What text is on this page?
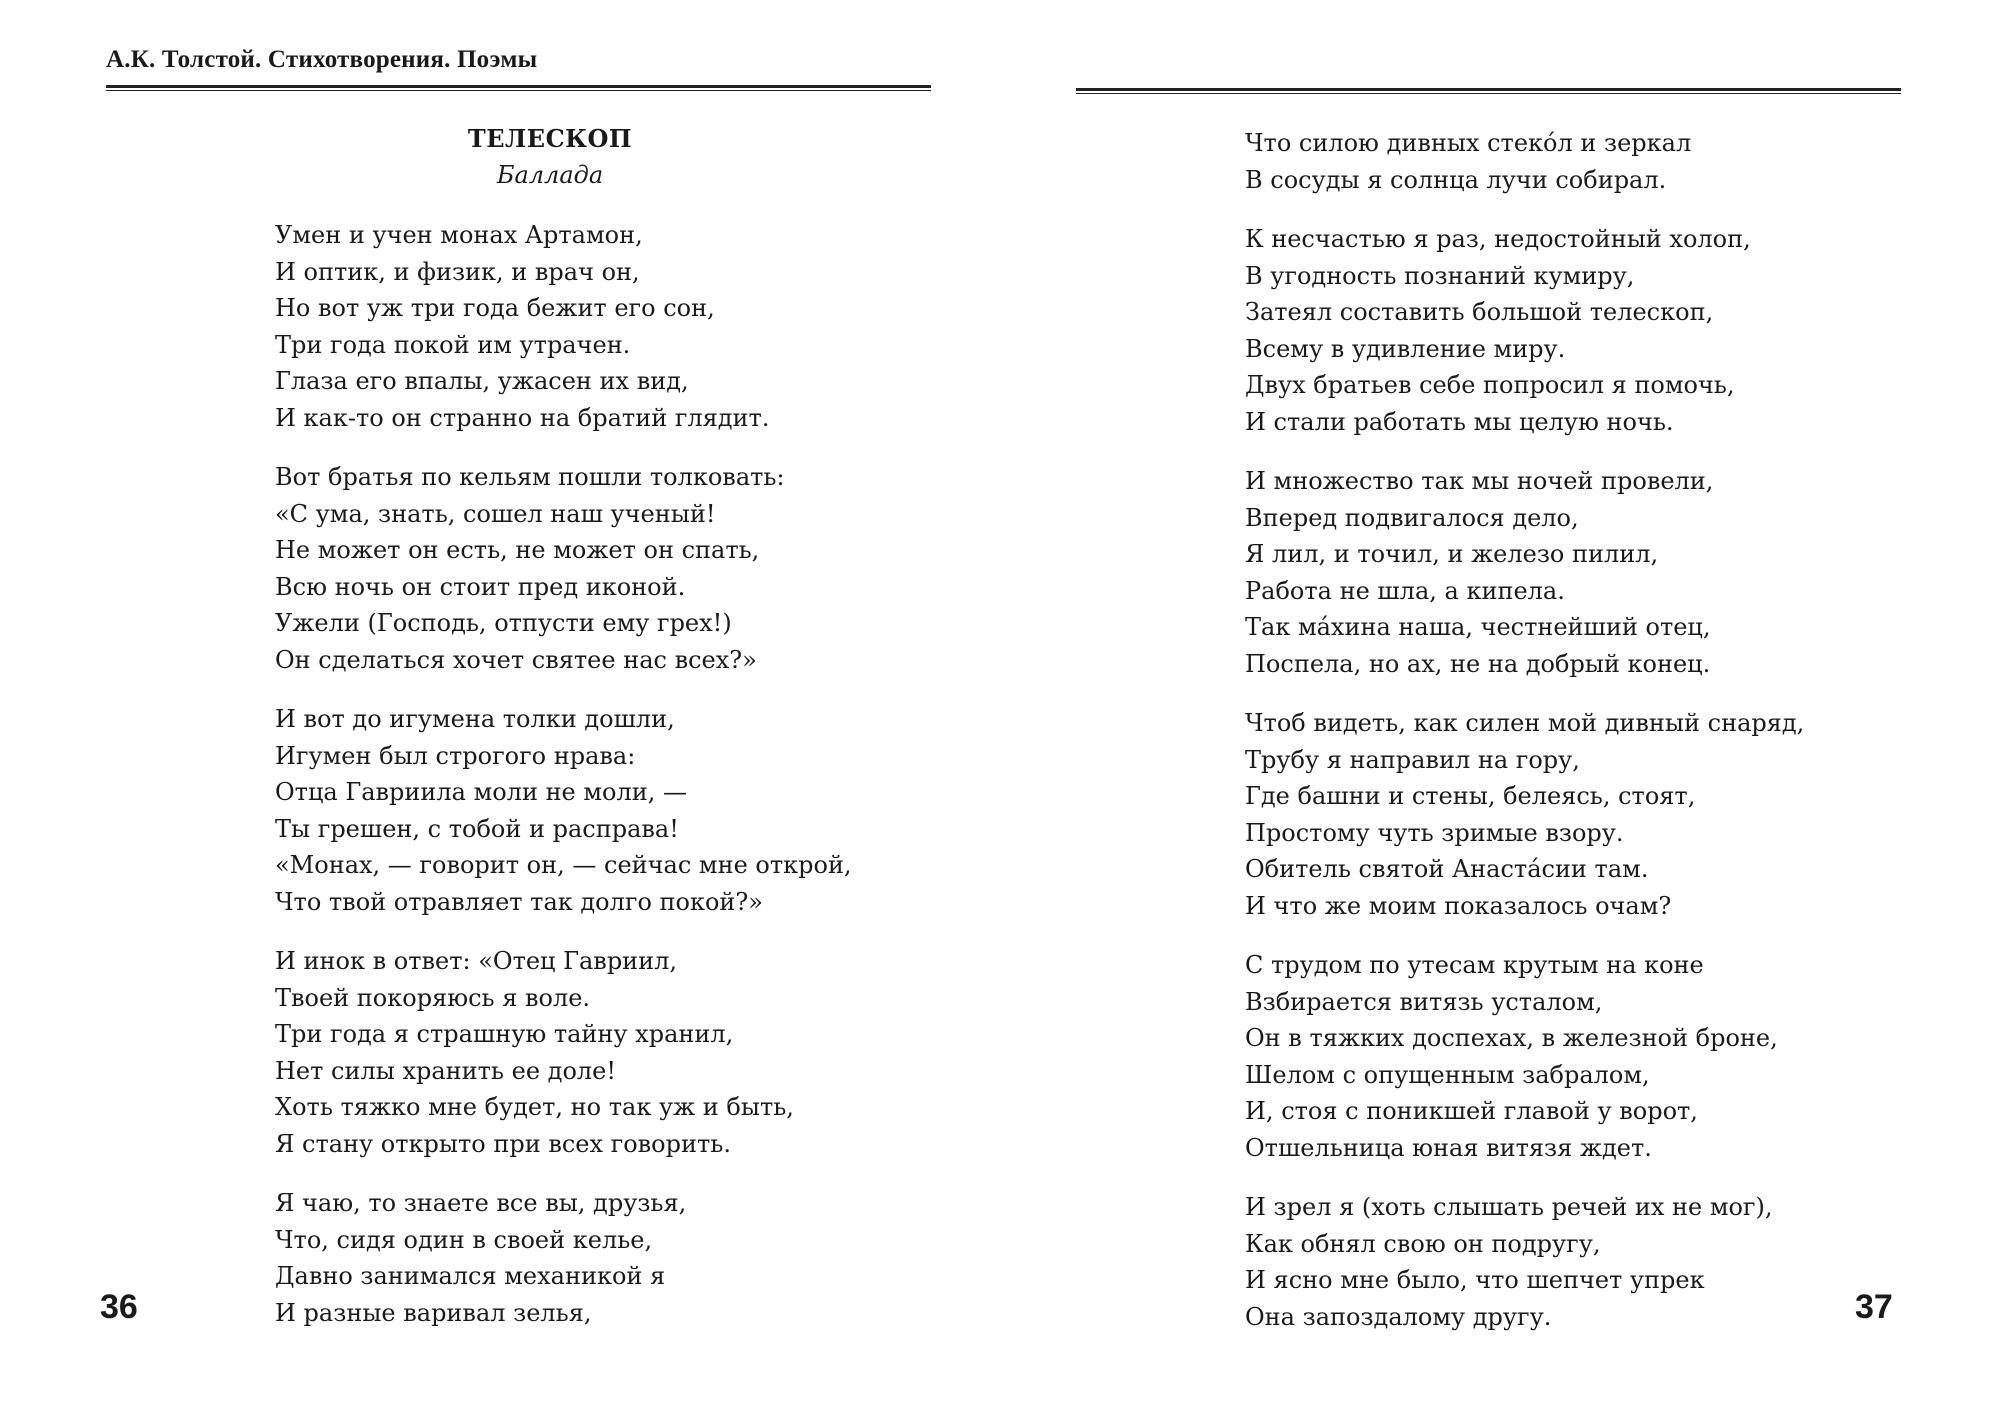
А.К. Толстой. Стихотворения. Поэмы
ТЕЛЕСКОП
Баллада
Умен и учен монах Артамон,
И оптик, и физик, и врач он,
Но вот уж три года бежит его сон,
Три года покой им утрачен.
Глаза его впалы, ужасен их вид,
И как-то он странно на братий глядит.
Вот братья по кельям пошли толковать:
«С ума, знать, сошел наш ученый!
Не может он есть, не может он спать,
Всю ночь он стоит пред иконой.
Ужели (Господь, отпусти ему грех!)
Он сделаться хочет святее нас всех?»
И вот до игумена толки дошли,
Игумен был строгого нрава:
Отца Гавриила моли не моли, —
Ты грешен, с тобой и расправа!
«Монах, — говорит он, — сейчас мне открой,
Что твой отравляет так долго покой?»
И инок в ответ: «Отец Гавриил,
Твоей покоряюсь я воле.
Три года я страшную тайну хранил,
Нет силы хранить ее доле!
Хоть тяжко мне будет, но так уж и быть,
Я стану открыто при всех говорить.
Я чаю, то знаете все вы, друзья,
Что, сидя один в своей келье,
Давно занимался механикой я
И разные варивал зелья,
36
Что силою дивных стеко́л и зеркал
В сосуды я солнца лучи собирал.
К несчастью я раз, недостойный холоп,
В угодность познаний кумиру,
Затеял составить большой телескоп,
Всему в удивление миру.
Двух братьев себе попросил я помочь,
И стали работать мы целую ночь.
И множество так мы ночей провели,
Вперед подвигалося дело,
Я лил, и точил, и железо пилил,
Работа не шла, а кипела.
Так ма́хина наша, честнейший отец,
Поспела, но ах, не на добрый конец.
Чтоб видеть, как силен мой дивный снаряд,
Трубу я направил на гору,
Где башни и стены, белеясь, стоят,
Простому чуть зримые взору.
Обитель святой Анаста́сии там.
И что же моим показалось очам?
С трудом по утесам крутым на коне
Взбирается витязь усталом,
Он в тяжких доспехах, в железной броне,
Шелом с опущенным забралом,
И, стоя с поникшей главой у ворот,
Отшельница юная витязя ждет.
И зрел я (хоть слышать речей их не мог),
Как обнял свою он подругу,
И ясно мне было, что шепчет упрек
Она запоздалому другу.	37
